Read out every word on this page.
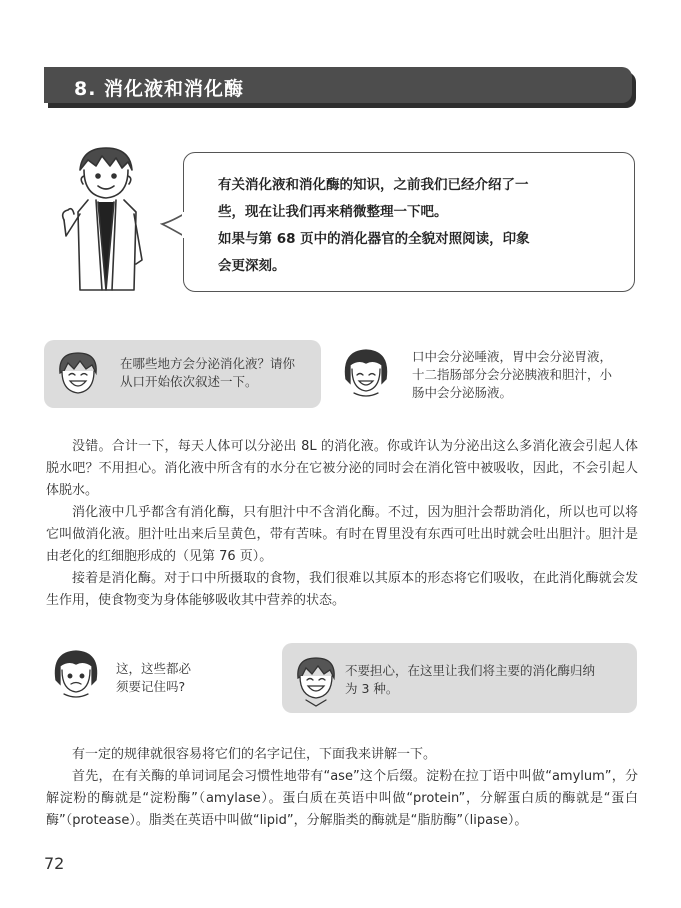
8. 消化液和消化酶
有关消化液和消化酶的知识，之前我们已经介绍了一
些，现在让我们再来稍微整理一下吧。
如果与第 68 页中的消化器官的全貌对照阅读，印象
会更深刻。
在哪些地方会分泌消化液？请你
从口开始依次叙述一下。
口中会分泌唾液，胃中会分泌胃液，
十二指肠部分会分泌胰液和胆汁，小
肠中会分泌肠液。

没错。合计一下，每天人体可以分泌出 8L 的消化液。你或许认为分泌出这么多消化液会引起人体脱水吧？不用担心。消化液中所含有的水分在它被分泌的同时会在消化管中被吸收，因此，不会引起人体脱水。

消化液中几乎都含有消化酶，只有胆汁中不含消化酶。不过，因为胆汁会帮助消化，所以也可以将它叫做消化液。胆汁吐出来后呈黄色，带有苦味。有时在胃里没有东西可吐出时就会吐出胆汁。胆汁是由老化的红细胞形成的（见第 76 页）。

接着是消化酶。对于口中所摄取的食物，我们很难以其原本的形态将它们吸收，在此消化酶就会发生作用，使食物变为身体能够吸收其中营养的状态。

这，这些都必
须要记住吗?
不要担心，在这里让我们将主要的消化酶归纳
为 3 种。

有一定的规律就很容易将它们的名字记住，下面我来讲解一下。

首先，在有关酶的单词词尾会习惯性地带有“ase”这个后缀。淀粉在拉丁语中叫做“amylum”，分解淀粉的酶就是“淀粉酶”（amylase）。蛋白质在英语中叫做“protein”，分解蛋白质的酶就是“蛋白酶”（protease）。脂类在英语中叫做“lipid”，分解脂类的酶就是“脂肪酶”（lipase）。

72
